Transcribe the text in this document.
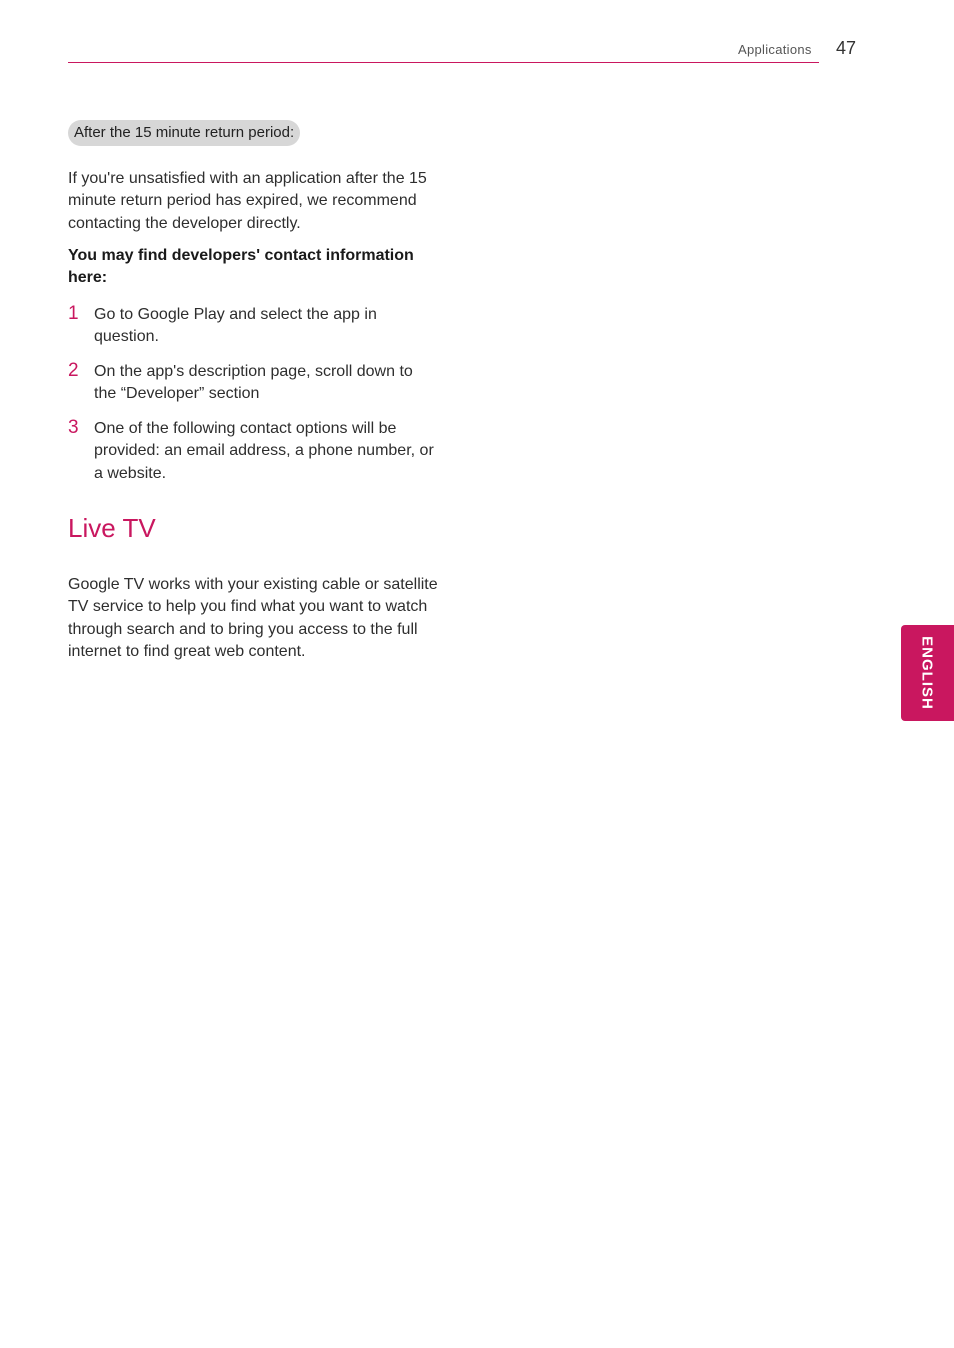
Applications 47
After the 15 minute return period:

If you're unsatisfied with an application after the 15 minute return period has expired, we recommend contacting the developer directly.

You may find developers' contact information here:

1 Go to Google Play and select the app in question.
2 On the app's description page, scroll down to the “Developer” section
3 One of the following contact options will be provided: an email address, a phone number, or a website.
Live TV

Google TV works with your existing cable or satellite TV service to help you find what you want to watch through search and to bring you access to the full internet to find great web content.	ENGLISH
